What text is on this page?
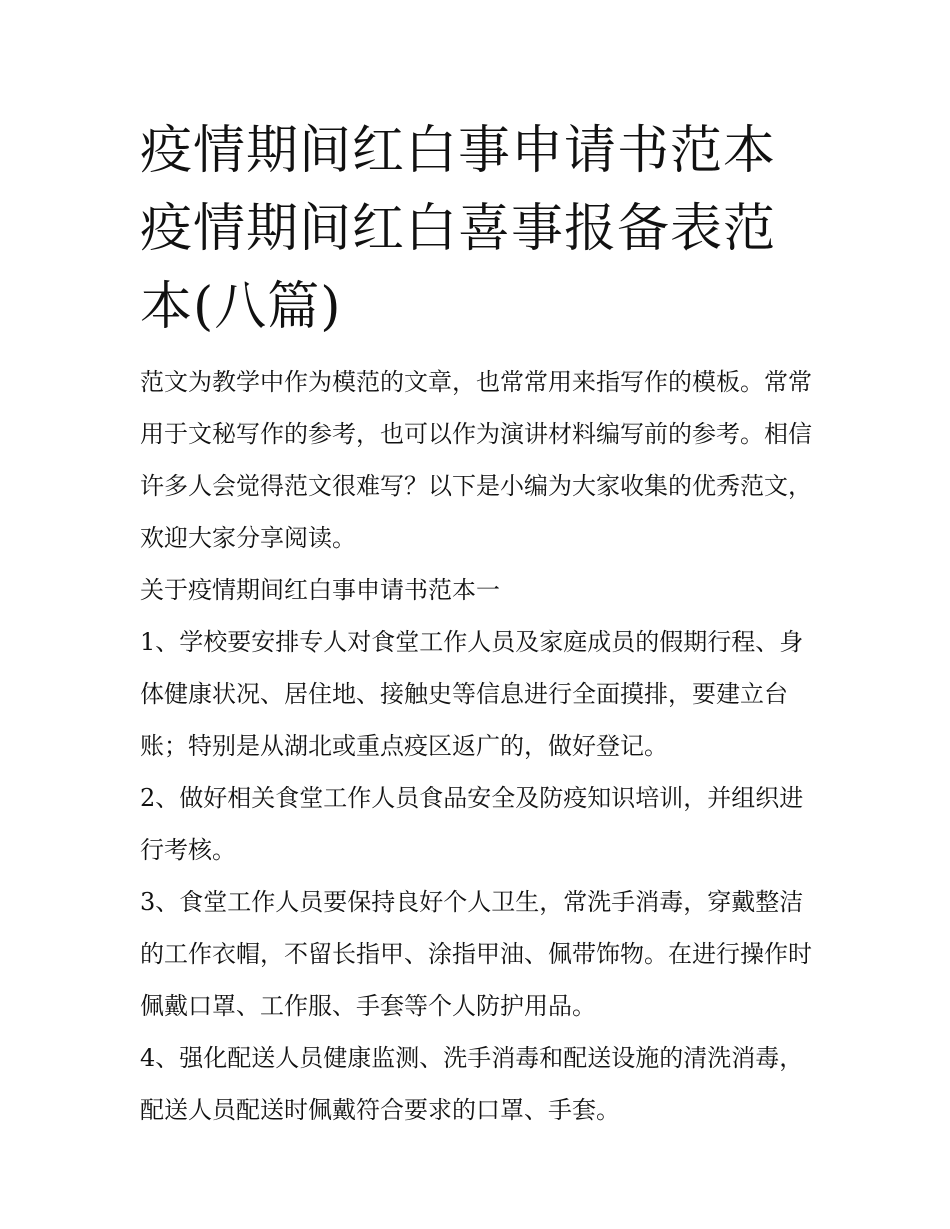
疫情期间红白事申请书范本 疫情期间红白喜事报备表范本(八篇)

范文为教学中作为模范的文章，也常常用来指写作的模板。常常用于文秘写作的参考，也可以作为演讲材料编写前的参考。相信许多人会觉得范文很难写？以下是小编为大家收集的优秀范文，欢迎大家分享阅读。

关于疫情期间红白事申请书范本一

1、学校要安排专人对食堂工作人员及家庭成员的假期行程、身体健康状况、居住地、接触史等信息进行全面摸排，要建立台账；特别是从湖北或重点疫区返广的，做好登记。

2、做好相关食堂工作人员食品安全及防疫知识培训，并组织进行考核。

3、食堂工作人员要保持良好个人卫生，常洗手消毒，穿戴整洁的工作衣帽，不留长指甲、涂指甲油、佩带饰物。在进行操作时佩戴口罩、工作服、手套等个人防护用品。

4、强化配送人员健康监测、洗手消毒和配送设施的清洗消毒，配送人员配送时佩戴符合要求的口罩、手套。
